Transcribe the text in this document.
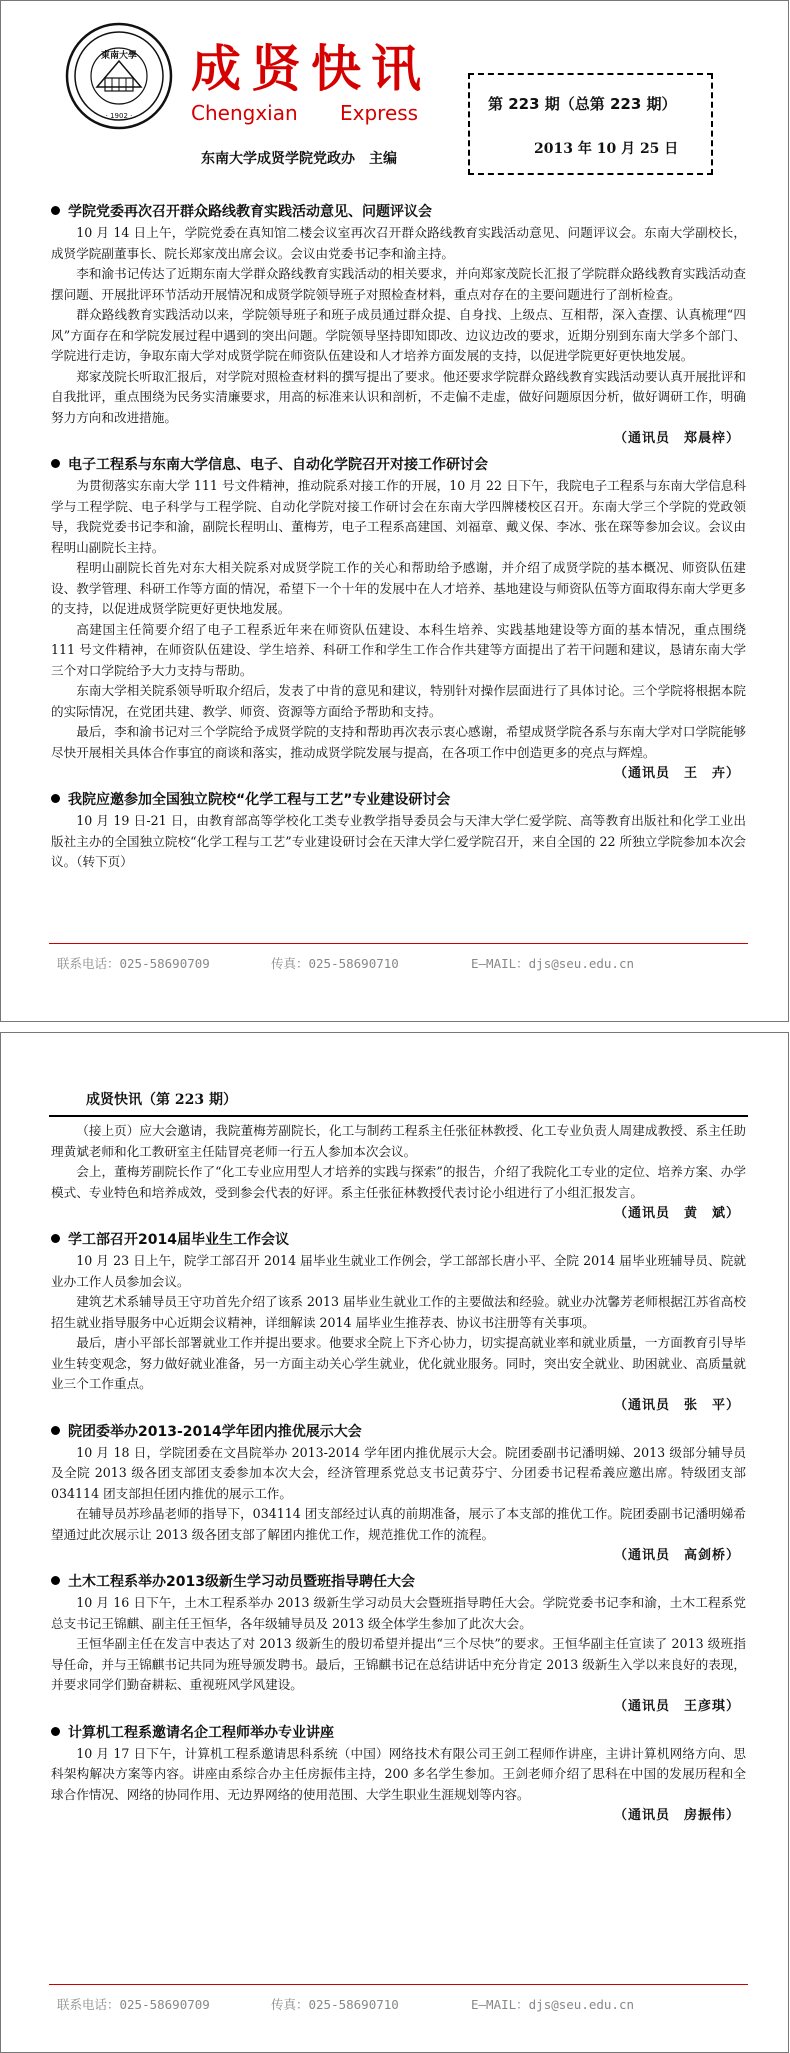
東南大學
· 1902 ·
成贤快讯
Chengxian Express
东南大学成贤学院党政办　主编
第 223 期（总第 223 期）
2013 年 10 月 25 日
学院党委再次召开群众路线教育实践活动意见、问题评议会

10 月 14 日上午，学院党委在真知馆二楼会议室再次召开群众路线教育实践活动意见、问题评议会。东南大学副校长，成贤学院副董事长、院长郑家茂出席会议。会议由党委书记李和渝主持。

李和渝书记传达了近期东南大学群众路线教育实践活动的相关要求，并向郑家茂院长汇报了学院群众路线教育实践活动查摆问题、开展批评环节活动开展情况和成贤学院领导班子对照检查材料，重点对存在的主要问题进行了剖析检查。

群众路线教育实践活动以来，学院领导班子和班子成员通过群众提、自身找、上级点、互相帮，深入查摆、认真梳理“四风”方面存在和学院发展过程中遇到的突出问题。学院领导坚持即知即改、边议边改的要求，近期分别到东南大学多个部门、学院进行走访，争取东南大学对成贤学院在师资队伍建设和人才培养方面发展的支持，以促进学院更好更快地发展。

郑家茂院长听取汇报后，对学院对照检查材料的撰写提出了要求。他还要求学院群众路线教育实践活动要认真开展批评和自我批评，重点围绕为民务实清廉要求，用高的标准来认识和剖析，不走偏不走虚，做好问题原因分析，做好调研工作，明确努力方向和改进措施。

（通讯员　郑晨梓）
电子工程系与东南大学信息、电子、自动化学院召开对接工作研讨会

为贯彻落实东南大学 111 号文件精神，推动院系对接工作的开展，10 月 22 日下午，我院电子工程系与东南大学信息科学与工程学院、电子科学与工程学院、自动化学院对接工作研讨会在东南大学四牌楼校区召开。东南大学三个学院的党政领导，我院党委书记李和渝，副院长程明山、董梅芳，电子工程系高建国、刘福章、戴义保、李冰、张在琛等参加会议。会议由程明山副院长主持。

程明山副院长首先对东大相关院系对成贤学院工作的关心和帮助给予感谢，并介绍了成贤学院的基本概况、师资队伍建设、教学管理、科研工作等方面的情况，希望下一个十年的发展中在人才培养、基地建设与师资队伍等方面取得东南大学更多的支持，以促进成贤学院更好更快地发展。

高建国主任简要介绍了电子工程系近年来在师资队伍建设、本科生培养、实践基地建设等方面的基本情况，重点围绕 111 号文件精神，在师资队伍建设、学生培养、科研工作和学生工作合作共建等方面提出了若干问题和建议，恳请东南大学三个对口学院给予大力支持与帮助。

东南大学相关院系领导听取介绍后，发表了中肯的意见和建议，特别针对操作层面进行了具体讨论。三个学院将根据本院的实际情况，在党团共建、教学、师资、资源等方面给予帮助和支持。

最后，李和渝书记对三个学院给予成贤学院的支持和帮助再次表示衷心感谢，希望成贤学院各系与东南大学对口学院能够尽快开展相关具体合作事宜的商谈和落实，推动成贤学院发展与提高，在各项工作中创造更多的亮点与辉煌。

（通讯员　王　卉）
我院应邀参加全国独立院校“化学工程与工艺”专业建设研讨会

10 月 19 日-21 日，由教育部高等学校化工类专业教学指导委员会与天津大学仁爱学院、高等教育出版社和化学工业出版社主办的全国独立院校“化学工程与工艺”专业建设研讨会在天津大学仁爱学院召开，来自全国的 22 所独立学院参加本次会议。（转下页）

联系电话：025-58690709	传真：025-58690710	E—MAIL：djs@seu.edu.cn
成贤快讯（第 223 期）

（接上页）应大会邀请，我院董梅芳副院长，化工与制药工程系主任张征林教授、化工专业负责人周建成教授、系主任助理黄斌老师和化工教研室主任陆冒亮老师一行五人参加本次会议。

会上，董梅芳副院长作了“化工专业应用型人才培养的实践与探索”的报告，介绍了我院化工专业的定位、培养方案、办学模式、专业特色和培养成效，受到参会代表的好评。系主任张征林教授代表讨论小组进行了小组汇报发言。

（通讯员　黄　斌）
学工部召开2014届毕业生工作会议

10 月 23 日上午，院学工部召开 2014 届毕业生就业工作例会，学工部部长唐小平、全院 2014 届毕业班辅导员、院就业办工作人员参加会议。

建筑艺术系辅导员王守功首先介绍了该系 2013 届毕业生就业工作的主要做法和经验。就业办沈馨芳老师根据江苏省高校招生就业指导服务中心近期会议精神，详细解读 2014 届毕业生推荐表、协议书注册等有关事项。

最后，唐小平部长部署就业工作并提出要求。他要求全院上下齐心协力，切实提高就业率和就业质量，一方面教育引导毕业生转变观念，努力做好就业准备，另一方面主动关心学生就业，优化就业服务。同时，突出安全就业、助困就业、高质量就业三个工作重点。

（通讯员　张　平）
院团委举办2013-2014学年团内推优展示大会

10 月 18 日，学院团委在文昌院举办 2013-2014 学年团内推优展示大会。院团委副书记潘明娣、2013 级部分辅导员及全院 2013 级各团支部团支委参加本次大会，经济管理系党总支书记黄芬宁、分团委书记程希義应邀出席。特级团支部 034114 团支部担任团内推优的展示工作。

在辅导员苏珍晶老师的指导下，034114 团支部经过认真的前期准备，展示了本支部的推优工作。院团委副书记潘明娣希望通过此次展示让 2013 级各团支部了解团内推优工作，规范推优工作的流程。

（通讯员　高剑桥）
土木工程系举办2013级新生学习动员暨班指导聘任大会

10 月 16 日下午，土木工程系举办 2013 级新生学习动员大会暨班指导聘任大会。学院党委书记李和渝，土木工程系党总支书记王锦麒、副主任王恒华，各年级辅导员及 2013 级全体学生参加了此次大会。

王恒华副主任在发言中表达了对 2013 级新生的殷切希望并提出“三个尽快”的要求。王恒华副主任宣读了 2013 级班指导任命，并与王锦麒书记共同为班导颁发聘书。最后，王锦麒书记在总结讲话中充分肯定 2013 级新生入学以来良好的表现，并要求同学们勤奋耕耘、重视班风学风建设。

（通讯员　王彦琪）
计算机工程系邀请名企工程师举办专业讲座

10 月 17 日下午，计算机工程系邀请思科系统（中国）网络技术有限公司王剑工程师作讲座，主讲计算机网络方向、思科架构解决方案等内容。讲座由系综合办主任房振伟主持，200 多名学生参加。王剑老师介绍了思科在中国的发展历程和全球合作情况、网络的协同作用、无边界网络的使用范围、大学生职业生涯规划等内容。

（通讯员　房振伟）
联系电话：025-58690709	传真：025-58690710	E—MAIL：djs@seu.edu.cn
